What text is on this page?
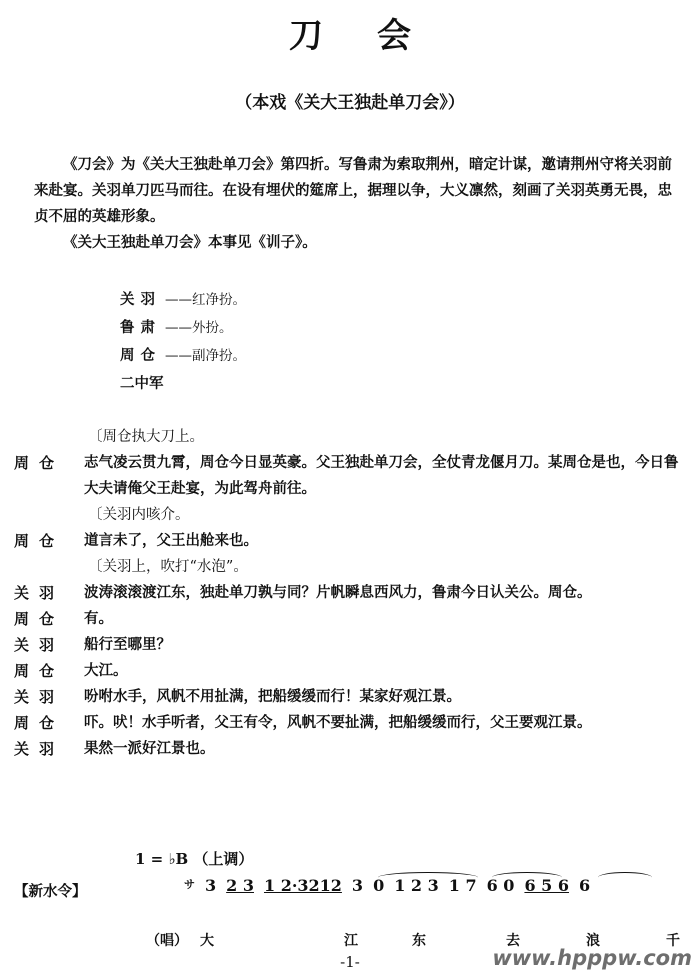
刀会
（本戏《关大王独赴单刀会》）

《刀会》为《关大王独赴单刀会》第四折。写鲁肃为索取荆州，暗定计谋，邀请荆州守将关羽前来赴宴。关羽单刀匹马而往。在设有埋伏的筵席上，据理以争，大义凛然，刻画了关羽英勇无畏，忠贞不屈的英雄形象。

《关大王独赴单刀会》本事见《训子》。

关羽 ——红净扮。
鲁肃 ——外扮。
周仓 ——副净扮。
二中军
〔周仓执大刀上。
周仓	志气凌云贯九霄，周仓今日显英豪。父王独赴单刀会，全仗青龙偃月刀。某周仓是也，今日鲁大夫请俺父王赴宴，为此驾舟前往。
〔关羽内咳介。
周仓	道言未了，父王出舱来也。
〔关羽上，吹打“水泡”。
关羽	波涛滚滚渡江东，独赴单刀孰与同？片帆瞬息西风力，鲁肃今日认关公。周仓。
周仓	有。
关羽	船行至哪里？
周仓	大江。
关羽	吩咐水手，风帆不用扯满，把船缓缓而行！某家好观江景。
周仓	吓。吠！水手听者，父王有令，风帆不要扯满，把船缓缓而行，父王要观江景。
关羽	果然一派好江景也。
1 = ♭B （上调）
【新水令】	サ 3 2 3 1 2·3212 3 0 1 2 3 1 7 6 0 6 5 6 6
（唱） 大	江	东	去	浪	千
-1-	www.hpppw.com
